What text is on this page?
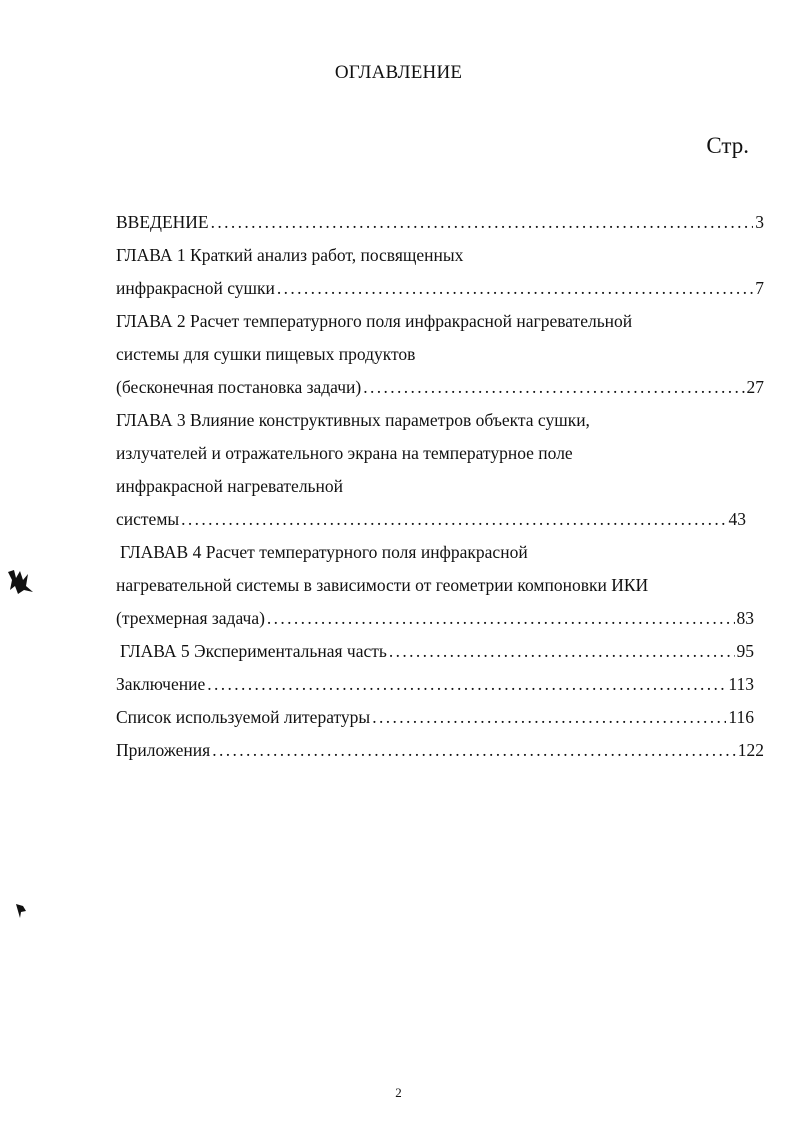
ОГЛАВЛЕНИЕ
Стр.
ВВЕДЕНИЕ . . .	3
ГЛАВА 1 Краткий анализ работ, посвященных
инфракрасной сушки . . .	7
ГЛАВА 2 Расчет температурного поля инфракрасной нагревательной
системы для сушки пищевых продуктов
(бесконечная постановка задачи) . . .	27
ГЛАВА 3 Влияние конструктивных параметров объекта сушки,
излучателей и отражательного экрана на температурное поле
инфракрасной нагревательной
системы . . .	43
ГЛАВАВ 4 Расчет температурного поля инфракрасной
нагревательной системы в зависимости от геометрии компоновки ИКИ
(трехмерная задача) . . .	83
ГЛАВА 5 Экспериментальная часть . . .	95
Заключение . . .	113
Список используемой литературы . . .	116
Приложения . . .	122
2
